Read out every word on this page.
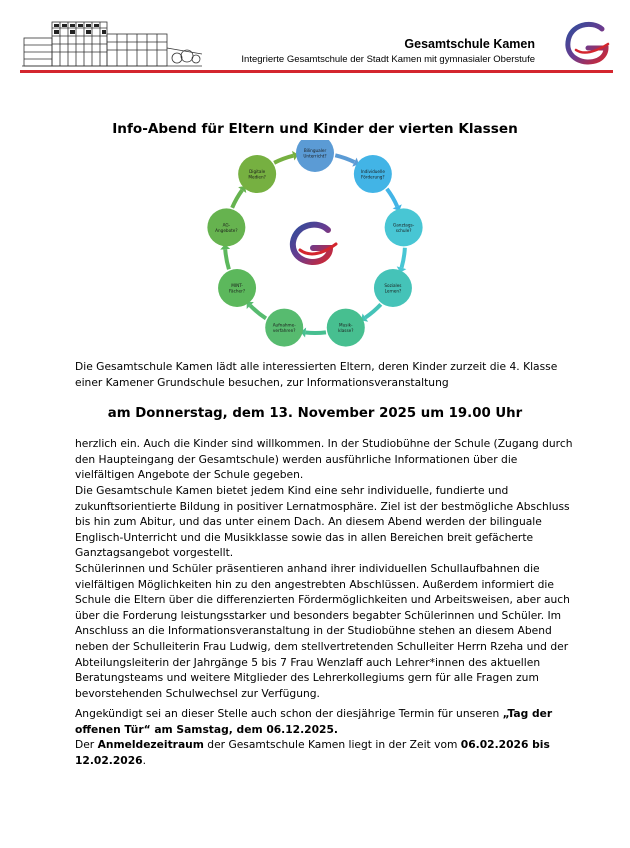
Gesamtschule Kamen
Integrierte Gesamtschule der Stadt Kamen mit gymnasialer Oberstufe
Info-Abend für Eltern und Kinder der vierten Klassen
Bilingualer
Unterricht?
Individuelle
Förderung?
Ganztags-
schule?
Soziales
Lernen?
Musik-
klasse?
Aufnahme-
verfahren?
MINT-
Fächer?
AG-
Angebote?
Digitale
Medien?

Die Gesamtschule Kamen lädt alle interessierten Eltern, deren Kinder zurzeit die 4. Klasse einer Kamener Grundschule besuchen, zur Informationsveranstaltung

am Donnerstag, dem 13. November 2025 um 19.00 Uhr

herzlich ein. Auch die Kinder sind willkommen. In der Studiobühne der Schule (Zugang durch den Haupteingang der Gesamtschule) werden ausführliche Informationen über die vielfältigen Angebote der Schule gegeben.

Die Gesamtschule Kamen bietet jedem Kind eine sehr individuelle, fundierte und zukunftsorientierte Bildung in positiver Lernatmosphäre. Ziel ist der bestmögliche Abschluss bis hin zum Abitur, und das unter einem Dach. An diesem Abend werden der bilinguale Englisch-Unterricht und die Musikklasse sowie das in allen Bereichen breit gefächerte Ganztagsangebot vorgestellt.

Schülerinnen und Schüler präsentieren anhand ihrer individuellen Schullaufbahnen die vielfältigen Möglichkeiten hin zu den angestrebten Abschlüssen. Außerdem informiert die Schule die Eltern über die differenzierten Fördermöglichkeiten und Arbeitsweisen, aber auch über die Forderung leistungsstarker und besonders begabter Schülerinnen und Schüler. Im Anschluss an die Informationsveranstaltung in der Studiobühne stehen an diesem Abend neben der Schulleiterin Frau Ludwig, dem stellvertretenden Schulleiter Herrn Rzeha und der Abteilungsleiterin der Jahrgänge 5 bis 7 Frau Wenzlaff auch Lehrer*innen des aktuellen Beratungsteams und weitere Mitglieder des Lehrerkollegiums gern für alle Fragen zum bevorstehenden Schulwechsel zur Verfügung.

Angekündigt sei an dieser Stelle auch schon der diesjährige Termin für unseren „Tag der offenen Tür“ am Samstag, dem 06.12.2025.

Der Anmeldezeitraum der Gesamtschule Kamen liegt in der Zeit vom 06.02.2026 bis 12.02.2026.
